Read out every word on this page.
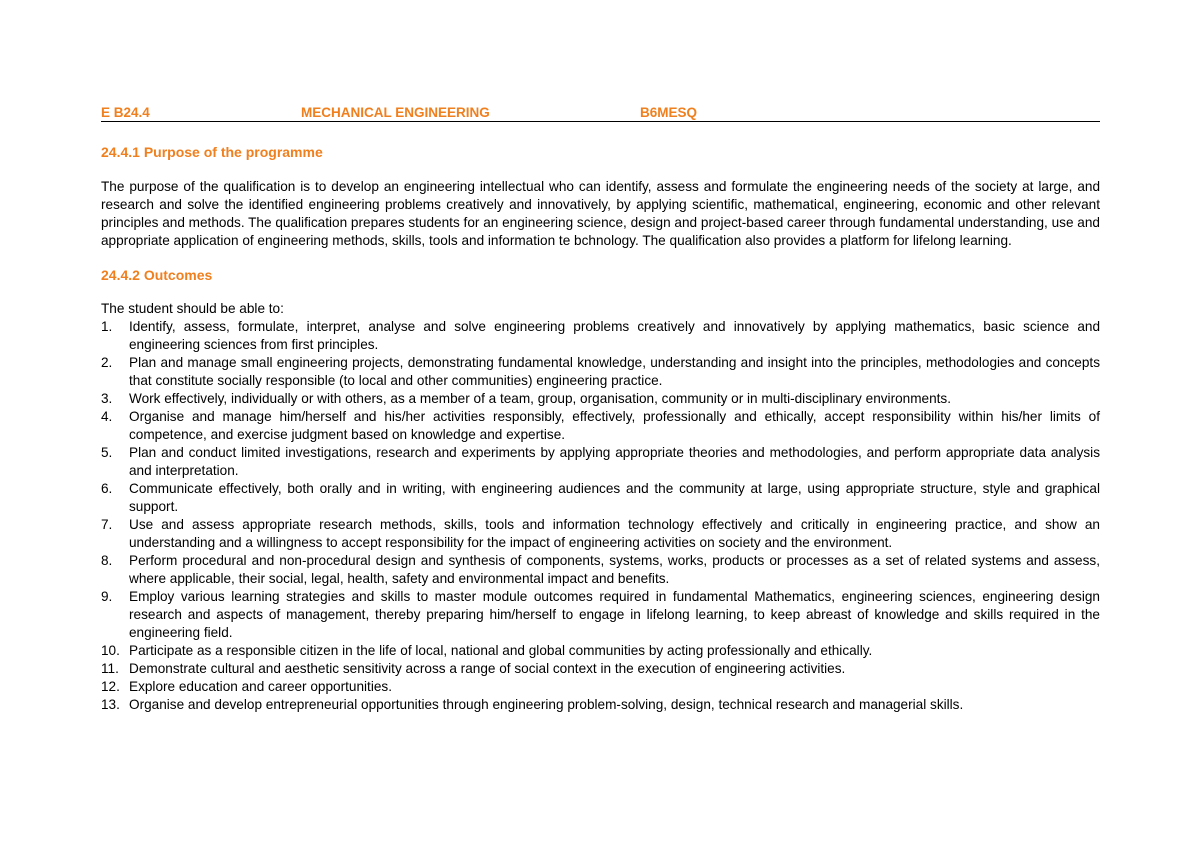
E B24.4	MECHANICAL ENGINEERING	B6MESQ
24.4.1 Purpose of the programme

The purpose of the qualification is to develop an engineering intellectual who can identify, assess and formulate the engineering needs of the society at large, and research and solve the identified engineering problems creatively and innovatively, by applying scientific, mathematical, engineering, economic and other relevant principles and methods. The qualification prepares students for an engineering science, design and project-based career through fundamental understanding, use and appropriate application of engineering methods, skills, tools and information te bchnology. The qualification also provides a platform for lifelong learning.

24.4.2 Outcomes

The student should be able to:

1. Identify, assess, formulate, interpret, analyse and solve engineering problems creatively and innovatively by applying mathematics, basic science and engineering sciences from first principles.
2. Plan and manage small engineering projects, demonstrating fundamental knowledge, understanding and insight into the principles, methodologies and concepts that constitute socially responsible (to local and other communities) engineering practice.
3. Work effectively, individually or with others, as a member of a team, group, organisation, community or in multi-disciplinary environments.
4. Organise and manage him/herself and his/her activities responsibly, effectively, professionally and ethically, accept responsibility within his/her limits of competence, and exercise judgment based on knowledge and expertise.
5. Plan and conduct limited investigations, research and experiments by applying appropriate theories and methodologies, and perform appropriate data analysis and interpretation.
6. Communicate effectively, both orally and in writing, with engineering audiences and the community at large, using appropriate structure, style and graphical support.
7. Use and assess appropriate research methods, skills, tools and information technology effectively and critically in engineering practice, and show an understanding and a willingness to accept responsibility for the impact of engineering activities on society and the environment.
8. Perform procedural and non-procedural design and synthesis of components, systems, works, products or processes as a set of related systems and assess, where applicable, their social, legal, health, safety and environmental impact and benefits.
9. Employ various learning strategies and skills to master module outcomes required in fundamental Mathematics, engineering sciences, engineering design research and aspects of management, thereby preparing him/herself to engage in lifelong learning, to keep abreast of knowledge and skills required in the engineering field.
10. Participate as a responsible citizen in the life of local, national and global communities by acting professionally and ethically.
11. Demonstrate cultural and aesthetic sensitivity across a range of social context in the execution of engineering activities.
12. Explore education and career opportunities.
13. Organise and develop entrepreneurial opportunities through engineering problem-solving, design, technical research and managerial skills.
